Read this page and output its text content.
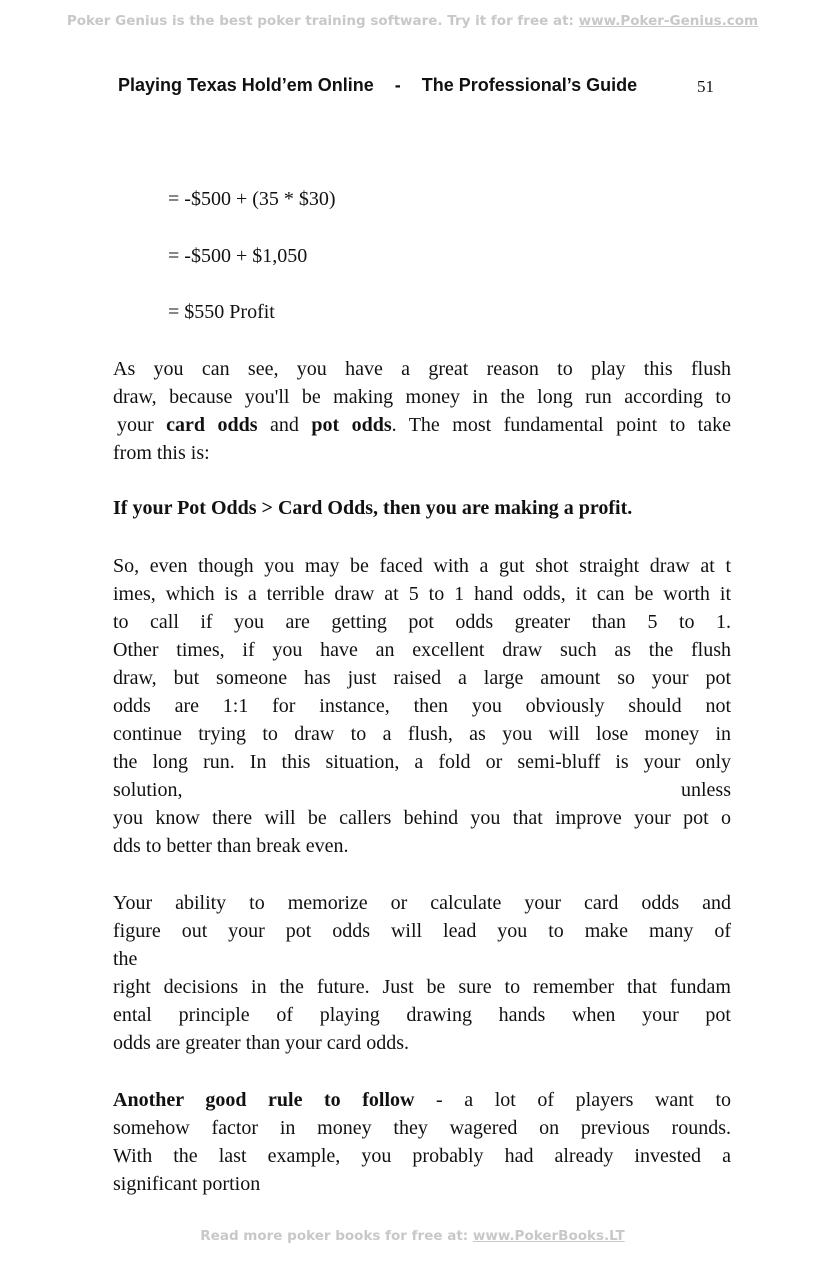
Poker Genius is the best poker training software. Try it for free at: www.Poker-Genius.com
Playing Texas Hold’em Online - The Professional’s Guide	51
= -$500 + (35 * $30)
= -$500 + $1,050
= $550 Profit
As you can see, you have a great reason to play this flush
draw, because you'll be making money in the long run according to
your card odds and pot odds. The most fundamental point to take
from this is:
If your Pot Odds > Card Odds, then you are making a profit.
So, even though you may be faced with a gut shot straight draw at t
imes, which is a terrible draw at 5 to 1 hand odds, it can be worth it
to call if you are getting pot odds greater than 5 to 1.
Other times, if you have an excellent draw such as the flush
draw, but someone has just raised a large amount so your pot
odds are 1:1 for instance, then you obviously should not
continue trying to draw to a flush, as you will lose money in
the long run. In this situation, a fold or semi-bluff is your only
solution, unless
you know there will be callers behind you that improve your pot o
dds to better than break even.
Your ability to memorize or calculate your card odds and
figure out your pot odds will lead you to make many of
the
right decisions in the future. Just be sure to remember that fundam
ental principle of playing drawing hands when your pot
odds are greater than your card odds.
Another good rule to follow - a lot of players want to
somehow factor in money they wagered on previous rounds.
With the last example, you probably had already invested a
significant portion
Read more poker books for free at: www.PokerBooks.LT
